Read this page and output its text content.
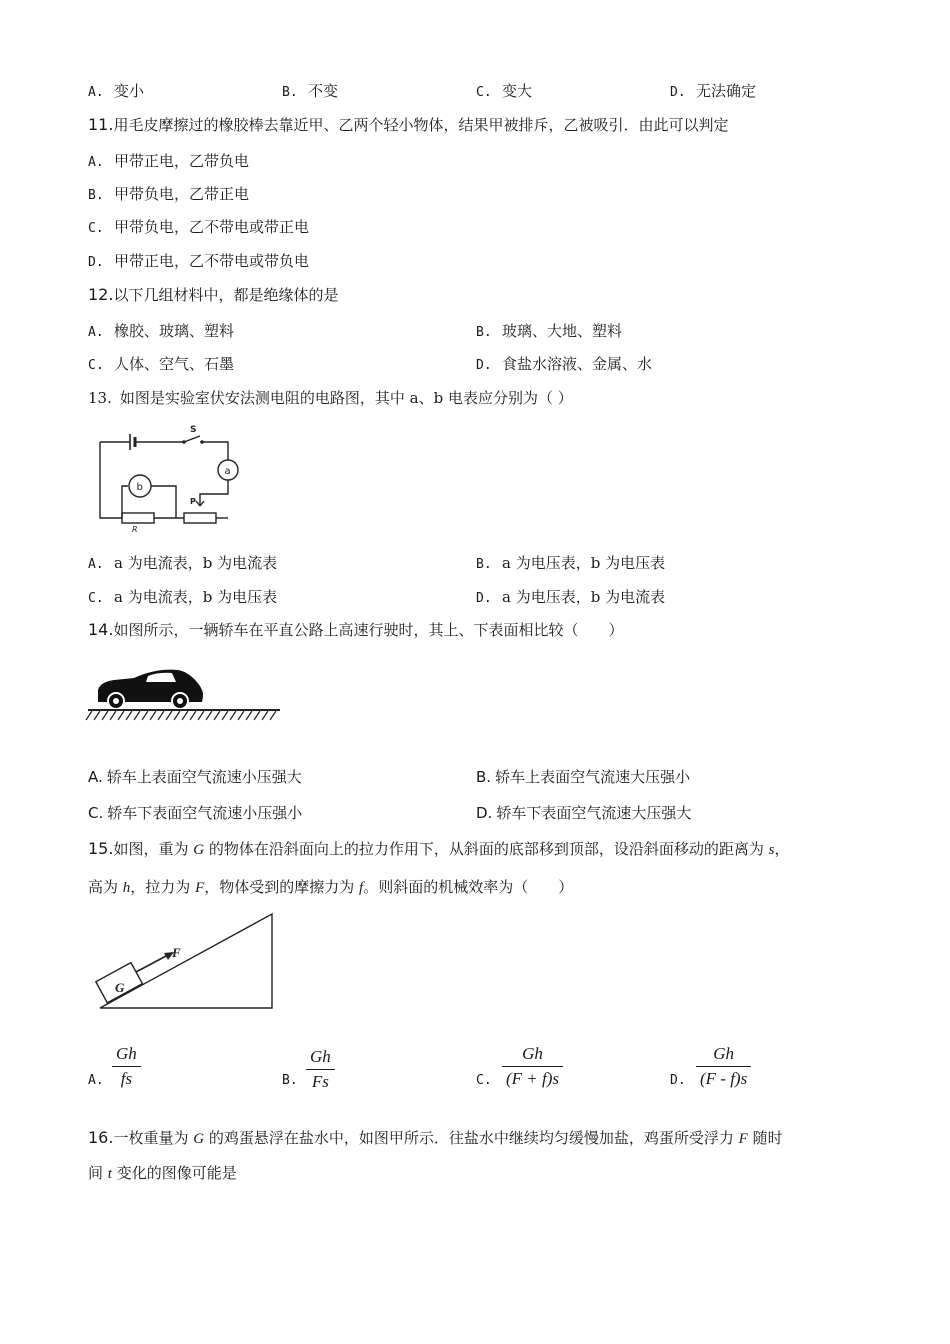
A. 变小	B. 不变	C. 变大	D. 无法确定
11.用毛皮摩擦过的橡胶棒去靠近甲、乙两个轻小物体，结果甲被排斥，乙被吸引．由此可以判定
A. 甲带正电，乙带负电
B. 甲带负电，乙带正电
C. 甲带负电，乙不带电或带正电
D. 甲带正电，乙不带电或带负电
12.以下几组材料中，都是绝缘体的是
A. 橡胶、玻璃、塑料	B. 玻璃、大地、塑料
C. 人体、空气、石墨	D. 食盐水溶液、金属、水
13. 如图是实验室伏安法测电阻的电路图，其中 a、b 电表应分别为（ ）
S
a
b
R
P
A. a 为电流表，b 为电流表	B. a 为电压表，b 为电压表
C. a 为电流表，b 为电压表	D. a 为电压表，b 为电流表
14.如图所示，一辆轿车在平直公路上高速行驶时，其上、下表面相比较（　　）
A. 轿车上表面空气流速小压强大	B. 轿车上表面空气流速大压强小
C. 轿车下表面空气流速小压强小	D. 轿车下表面空气流速大压强大
15.如图，重为 G 的物体在沿斜面向上的拉力作用下，从斜面的底部移到顶部，设沿斜面移动的距离为 s，
高为 h，拉力为 F，物体受到的摩擦力为 f。则斜面的机械效率为（　　）
G
F
A.
Gh
fs	B.
Gh
Fs	C.
Gh
(F + f)s	D.
Gh
(F - f)s
16.一枚重量为 G 的鸡蛋悬浮在盐水中，如图甲所示．往盐水中继续均匀缓慢加盐，鸡蛋所受浮力 F 随时
间 t 变化的图像可能是
